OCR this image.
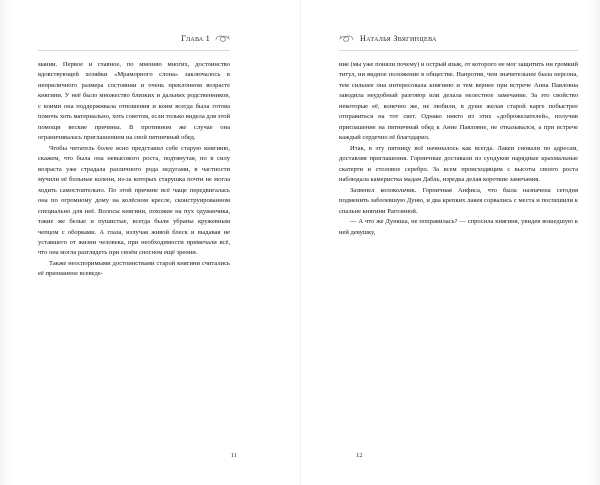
Глава 1

мании. Первое и главное, по мнению многих, достоинство вдовствующей хозяйки «Мраморного слона» заключалось в неприличного размера состоянии и очень преклонном возрасте княгини. У неё было множество близких и дальних родственников, с коими она поддерживала отношения и коим всегда была готова помочь хоть материально, хоть советом, если только видела для этой помощи веские причины. В противном же случае она ограничивалась приглашением на свой пятничный обед.

Чтобы читатель более ясно представил себе старую княгиню, скажем, что была она невысокого роста, подтянутая, но в силу возраста уже страдала различного рода недугами, в частности мучили её больные колени, из-за которых старушка почти не могла ходить самостоятельно. По этой причине всё чаще передвигалась она по огромному дому на колёсном кресле, сконструированном специально для неё. Волосы княгини, похожие на пух одуванчика, такие же белые и пушистые, всегда были убраны кружевным чепцом с оборками. А глаза, излучая живой блеск и выдавая не уставшего от жизни человека, при необходимости примечали всё, что она могла разглядеть при своём сносном ещё зрении.

Также неоспоримыми достоинствами старой княгини считались её признанное всеведе-

11
Наталья Звягинцева

ние (мы уже поняли почему) и острый язык, от которого не мог защитить ни громкий титул, ни видное положение в обществе. Напротив, чем значительнее была персона, тем сильнее она интересовала княгиню и тем вернее при встрече Анна Павловна заводила неудобный разговор или делала нелестное замечание. За это свойство некоторые её, конечно же, не любили, в душе желая старой карге побыстрее отправиться на тот свет. Однако никто из этих «доброжелателей», получив приглашение на пятничный обед к Анне Павловне, не отказывался, а при встрече каждый сердечно её благодарил.

Итак, в эту пятницу всё начиналось как всегда. Лакеи сновали по адресам, доставляя приглашения. Горничные доставали из сундуков нарядные крахмальные скатерти и столовое серебро. За всем происходящим с высоты своего роста наблюдала камеристка мадам Дабль, изредка делая короткие замечания.

Зазвенел колокольчик. Горничная Анфиса, что была назначена сегодня подменить заболевшую Дуню, и два крепких лакея сорвались с места и поспешили к спальне княгини Рагозиной.

— А что же Дуняша, не поправилась? — спросила княгиня, увидев вошедшую к ней девушку,

12
